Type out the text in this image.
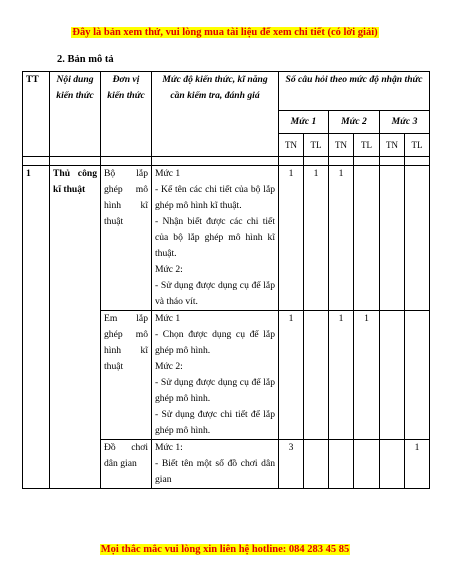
Đây là bản xem thử, vui lòng mua tài liệu để xem chi tiết (có lời giải)
2. Bản mô tả
TT	Nội dung kiến thức	Đơn vị kiến thức	Mức độ kiến thức, kĩ năng cần kiểm tra, đánh giá	Số câu hỏi theo mức độ nhận thức					
				Mức 1		Mức 2		Mức 3	
				TN	TL	TN	TL	TN	TL

1	Thủ công kĩ thuật	Bộ lắp ghép mô hình kĩ thuật	Mức 1
- Kể tên các chi tiết của bộ lắp ghép mô hình kĩ thuật.
- Nhận biết được các chi tiết của bộ lắp ghép mô hình kĩ thuật.
Mức 2:
- Sử dụng được dụng cụ để lắp và tháo vít.	1	1	1			
		Em lắp ghép mô hình kĩ thuật	Mức 1
- Chọn được dụng cụ để lắp ghép mô hình.
Mức 2:
- Sử dụng được dụng cụ để lắp ghép mô hình.
- Sử dụng được chi tiết để lắp ghép mô hình.	1		1	1		
		Đồ chơi dân gian	Mức 1:
- Biết tên một số đồ chơi dân gian	3					1
Mọi thắc mắc vui lòng xin liên hệ hotline: 084 283 45 85
